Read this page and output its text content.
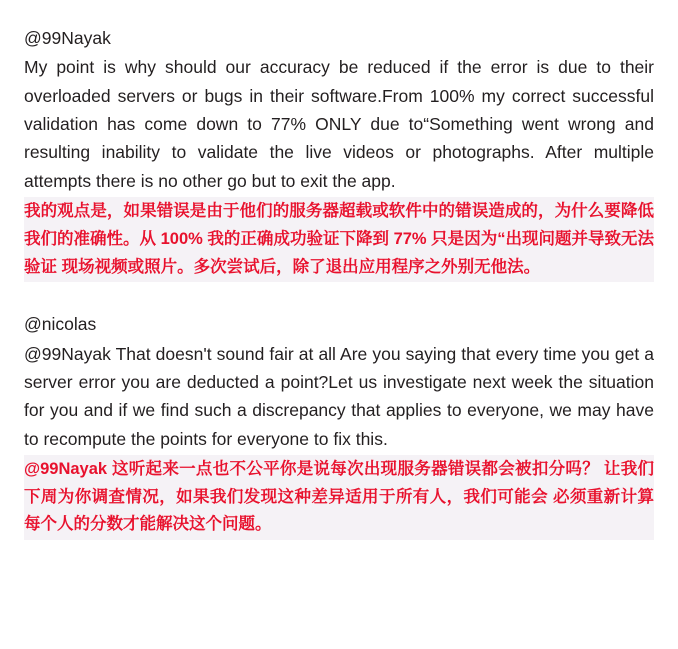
@99Nayak

My point is why should our accuracy be reduced if the error is due to their overloaded servers or bugs in their software.From 100% my correct successful validation has come down to 77% ONLY due to“Something went wrong and resulting inability to validate the live videos or photographs. After multiple attempts there is no other go but to exit the app.

我的观点是，如果错误是由于他们的服务器超载或软件中的错误造成的，为什么要降低我们的准确性。从 100% 我的正确成功验证下降到 77% 只是因为“出现问题并导致无法验证 现场视频或照片。多次尝试后，除了退出应用程序之外别无他法。

@nicolas

@99Nayak That doesn't sound fair at all Are you saying that every time you get a server error you are deducted a point?Let us investigate next week the situation for you and if we find such a discrepancy that applies to everyone, we may have to recompute the points for everyone to fix this.

@99Nayak 这听起来一点也不公平你是说每次出现服务器错误都会被扣分吗？ 让我们下周为你调查情况，如果我们发现这种差异适用于所有人，我们可能会 必须重新计算每个人的分数才能解决这个问题。
